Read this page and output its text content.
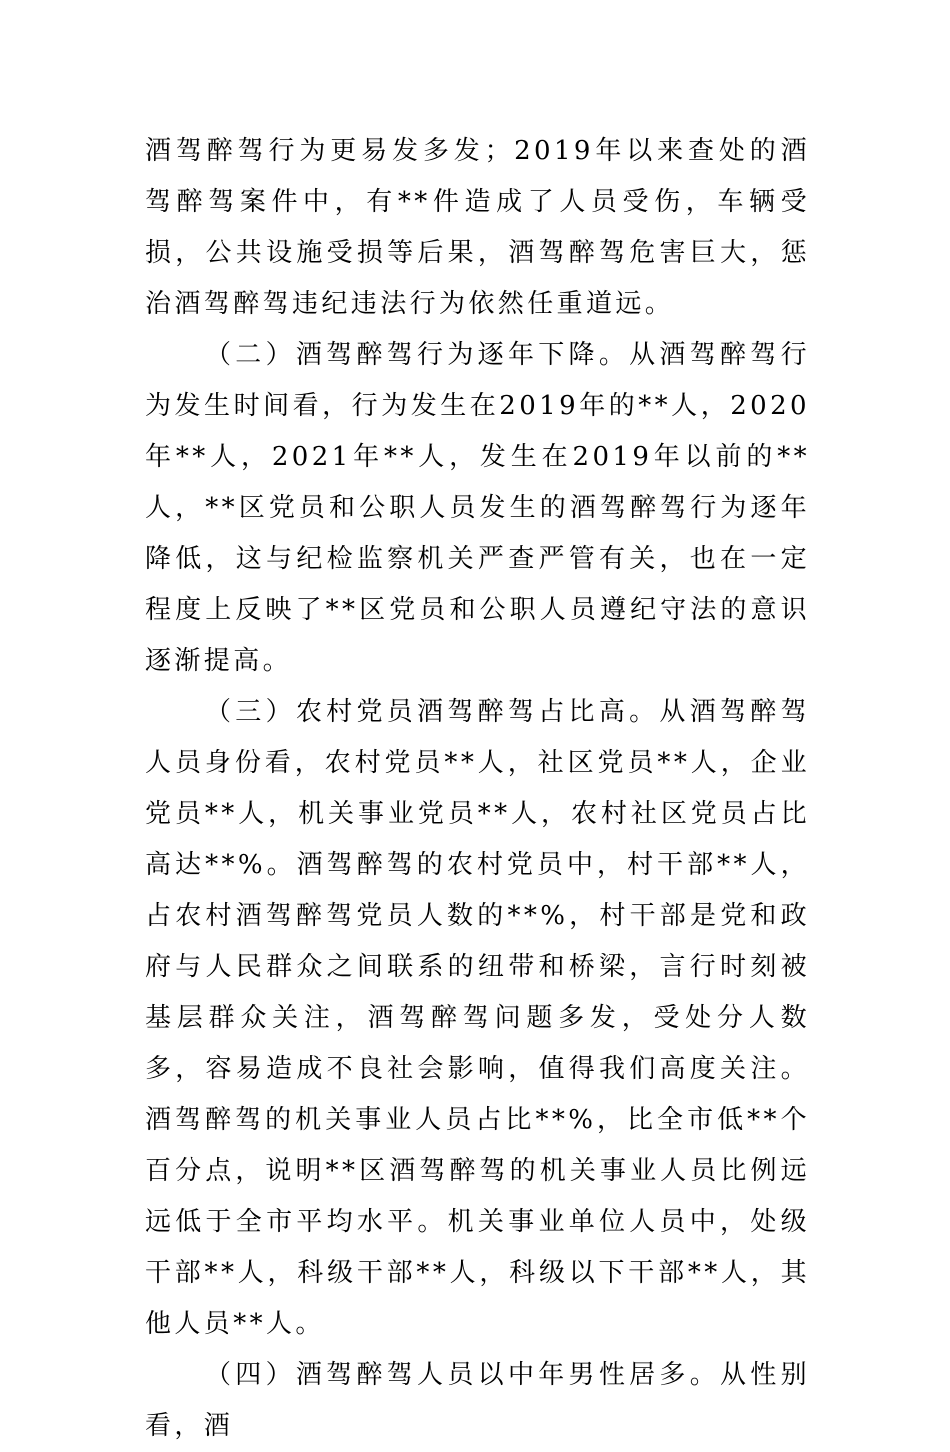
酒驾醉驾行为更易发多发；2019年以来查处的酒驾醉驾案件中，有**件造成了人员受伤，车辆受损，公共设施受损等后果，酒驾醉驾危害巨大，惩治酒驾醉驾违纪违法行为依然任重道远。

（二）酒驾醉驾行为逐年下降。从酒驾醉驾行为发生时间看，行为发生在2019年的**人，2020年**人，2021年**人，发生在2019年以前的**人，**区党员和公职人员发生的酒驾醉驾行为逐年降低，这与纪检监察机关严查严管有关，也在一定程度上反映了**区党员和公职人员遵纪守法的意识逐渐提高。

（三）农村党员酒驾醉驾占比高。从酒驾醉驾人员身份看，农村党员**人，社区党员**人，企业党员**人，机关事业党员**人，农村社区党员占比高达**%。酒驾醉驾的农村党员中，村干部**人，占农村酒驾醉驾党员人数的**%，村干部是党和政府与人民群众之间联系的纽带和桥梁，言行时刻被基层群众关注，酒驾醉驾问题多发，受处分人数多，容易造成不良社会影响，值得我们高度关注。酒驾醉驾的机关事业人员占比**%，比全市低**个百分点，说明**区酒驾醉驾的机关事业人员比例远远低于全市平均水平。机关事业单位人员中，处级干部**人，科级干部**人，科级以下干部**人，其他人员**人。

（四）酒驾醉驾人员以中年男性居多。从性别看，酒
